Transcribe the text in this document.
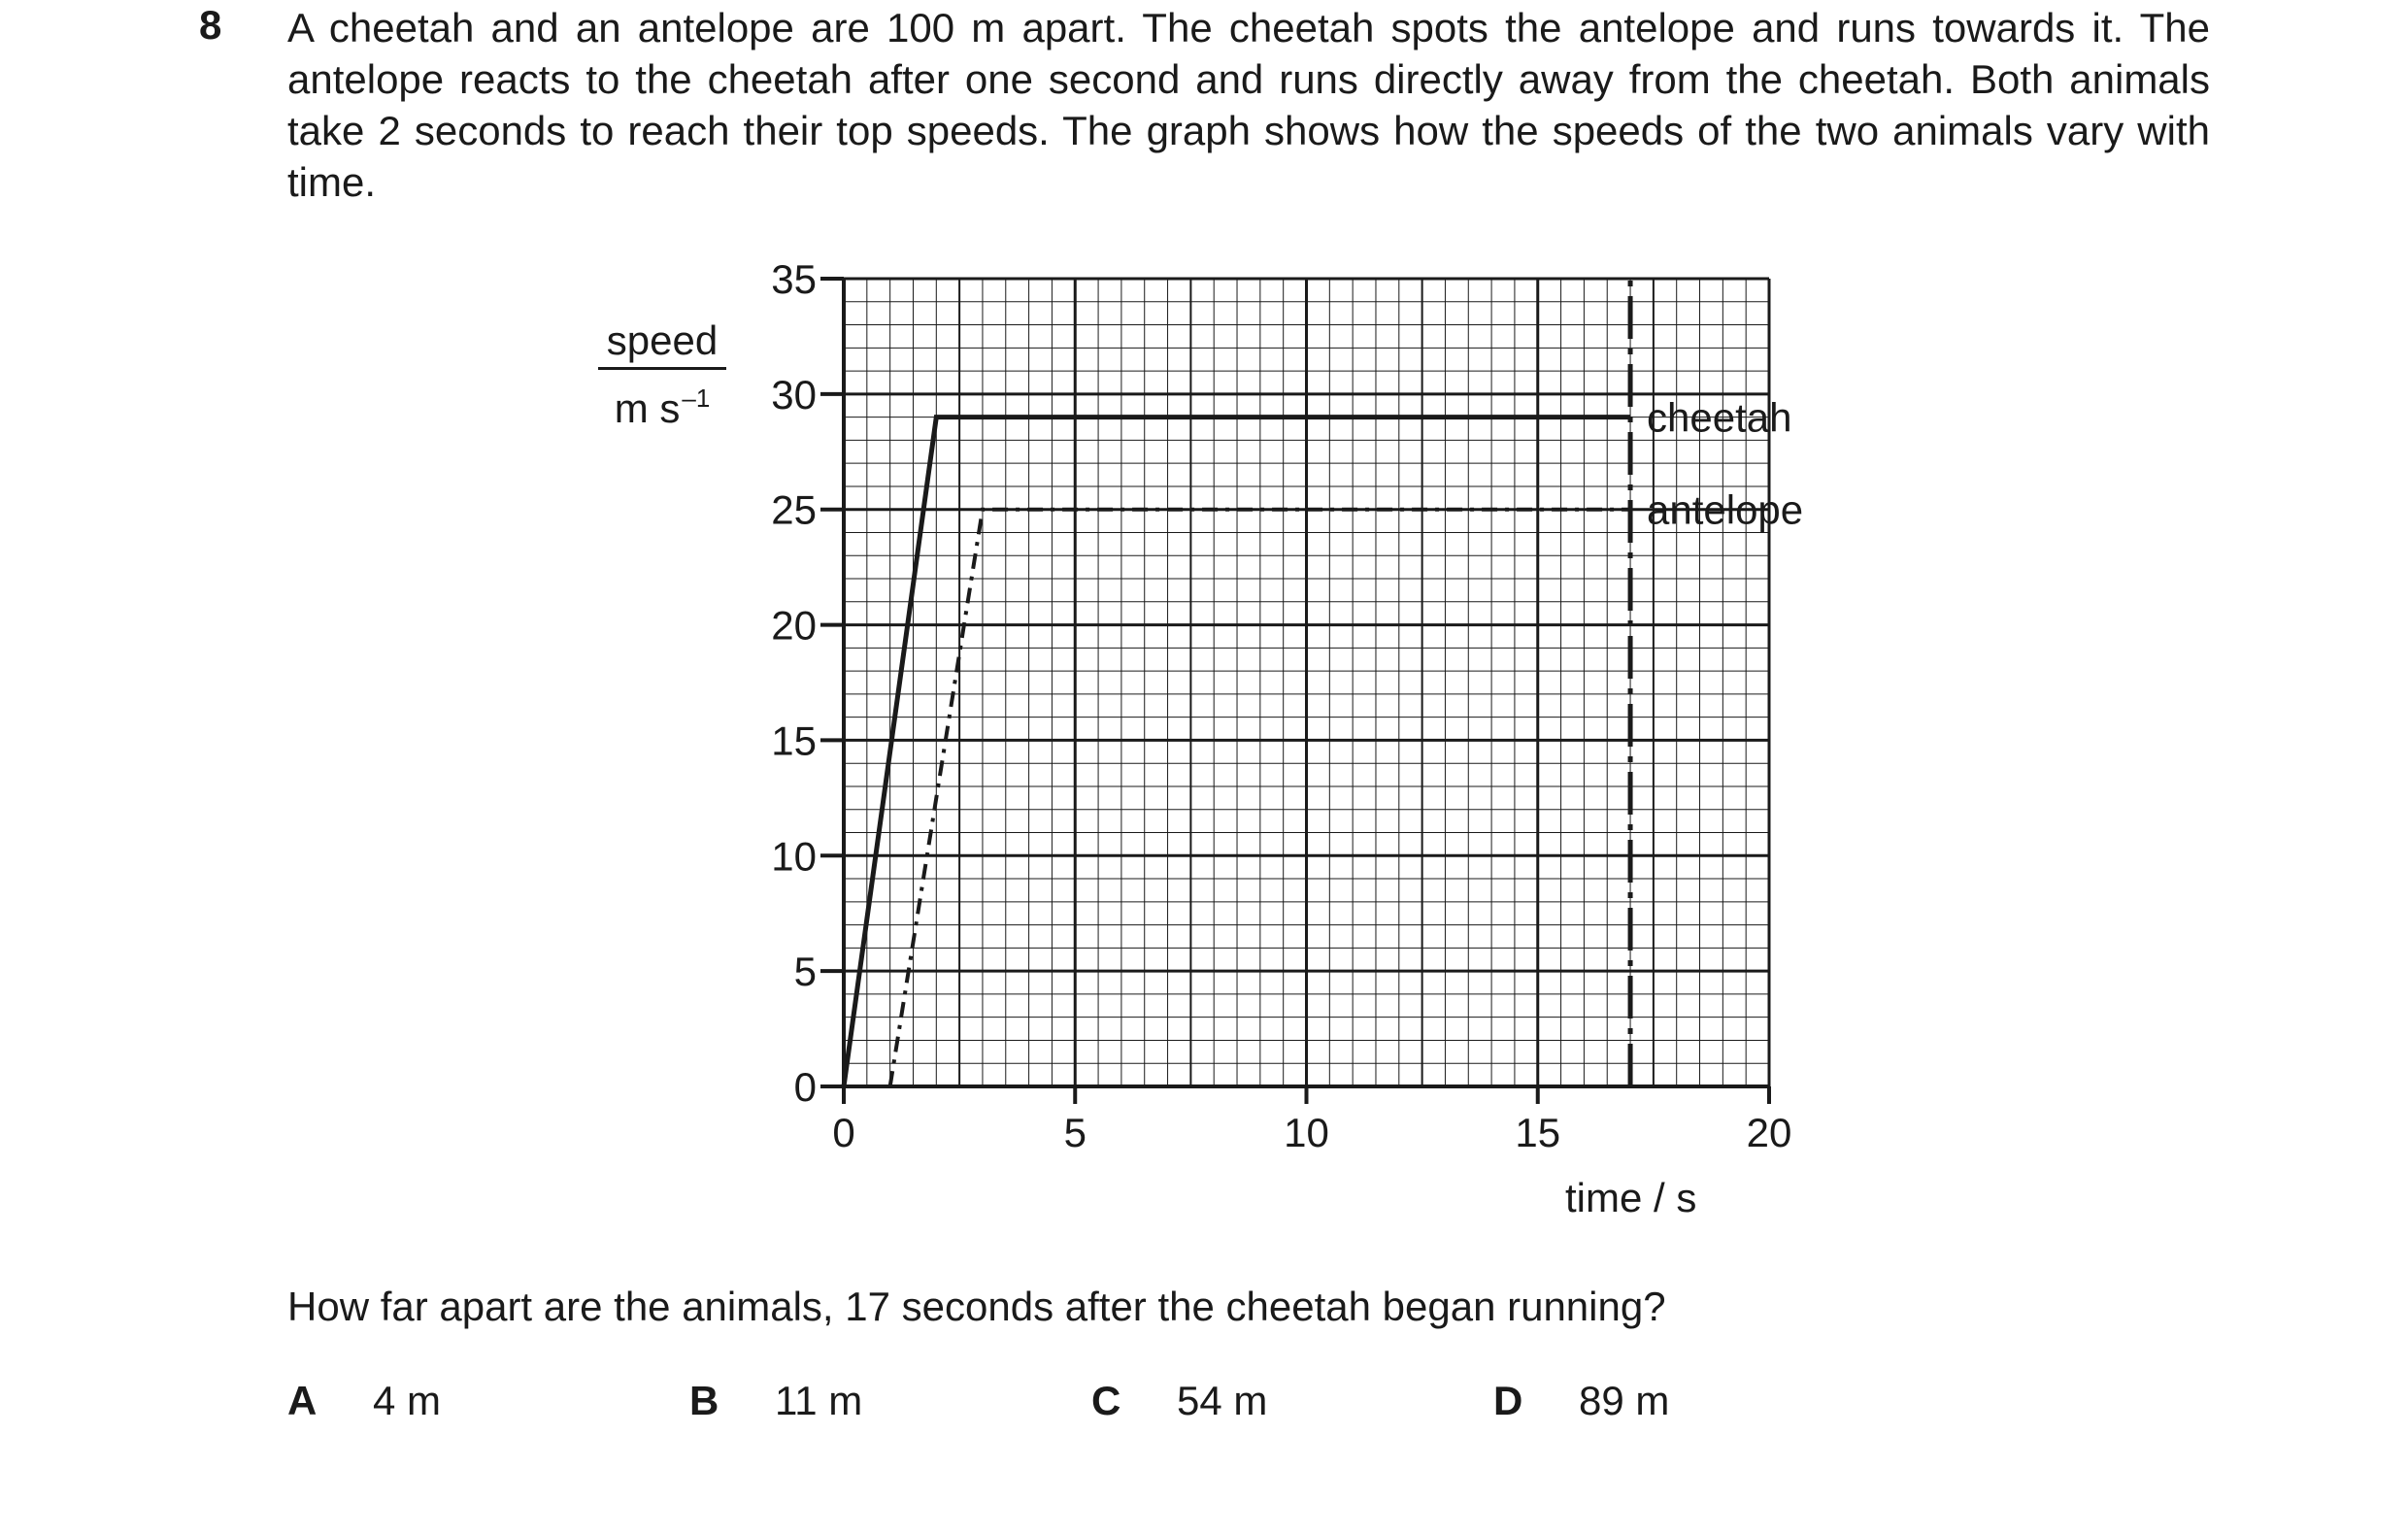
8 A cheetah and an antelope are 100 m apart. The cheetah spots the antelope and runs towards it. The antelope reacts to the cheetah after one second and runs directly away from the cheetah. Both animals take 2 seconds to reach their top speeds. The graph shows how the speeds of the two animals vary with time.

speed
m $s^{-1}$
0
5
10
15
20
25
30
35
0	5	10	15	20
cheetah
antelope
time / s

How far apart are the animals, 17 seconds after the cheetah began running?

A 4 m	B 11 m	C 54 m	D 89 m
